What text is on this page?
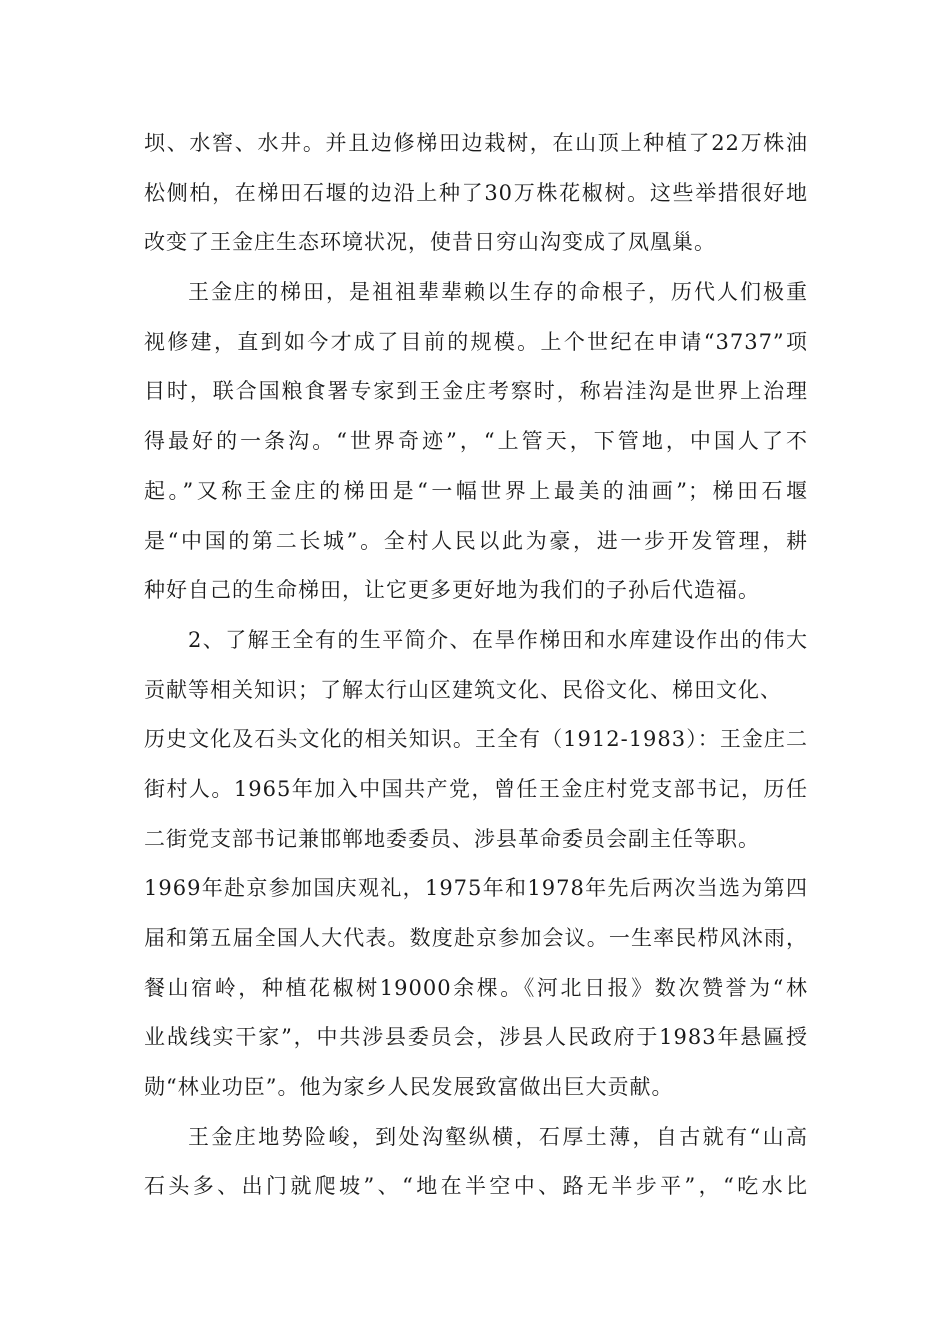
坝、水窖、水井。并且边修梯田边栽树，在山顶上种植了22万株油
松侧柏，在梯田石堰的边沿上种了30万株花椒树。这些举措很好地
改变了王金庄生态环境状况，使昔日穷山沟变成了凤凰巢。
王金庄的梯田，是祖祖辈辈赖以生存的命根子，历代人们极重
视修建，直到如今才成了目前的规模。上个世纪在申请“3737”项
目时，联合国粮食署专家到王金庄考察时，称岩洼沟是世界上治理
得最好的一条沟。“世界奇迹”，“上管天，下管地，中国人了不
起。”又称王金庄的梯田是“一幅世界上最美的油画”；梯田石堰
是“中国的第二长城”。全村人民以此为豪，进一步开发管理，耕
种好自己的生命梯田，让它更多更好地为我们的子孙后代造福。
2、了解王全有的生平简介、在旱作梯田和水库建设作出的伟大
贡献等相关知识；了解太行山区建筑文化、民俗文化、梯田文化、
历史文化及石头文化的相关知识。王全有（1912-1983）：王金庄二
街村人。1965年加入中国共产党，曾任王金庄村党支部书记，历任
二街党支部书记兼邯郸地委委员、涉县革命委员会副主任等职。
1969年赴京参加国庆观礼，1975年和1978年先后两次当选为第四
届和第五届全国人大代表。数度赴京参加会议。一生率民栉风沐雨，
餐山宿岭，种植花椒树19000余棵。《河北日报》数次赞誉为“林
业战线实干家”，中共涉县委员会，涉县人民政府于1983年悬匾授
勋“林业功臣”。他为家乡人民发展致富做出巨大贡献。
王金庄地势险峻，到处沟壑纵横，石厚土薄，自古就有“山高
石头多、出门就爬坡”、“地在半空中、路无半步平”，“吃水比
